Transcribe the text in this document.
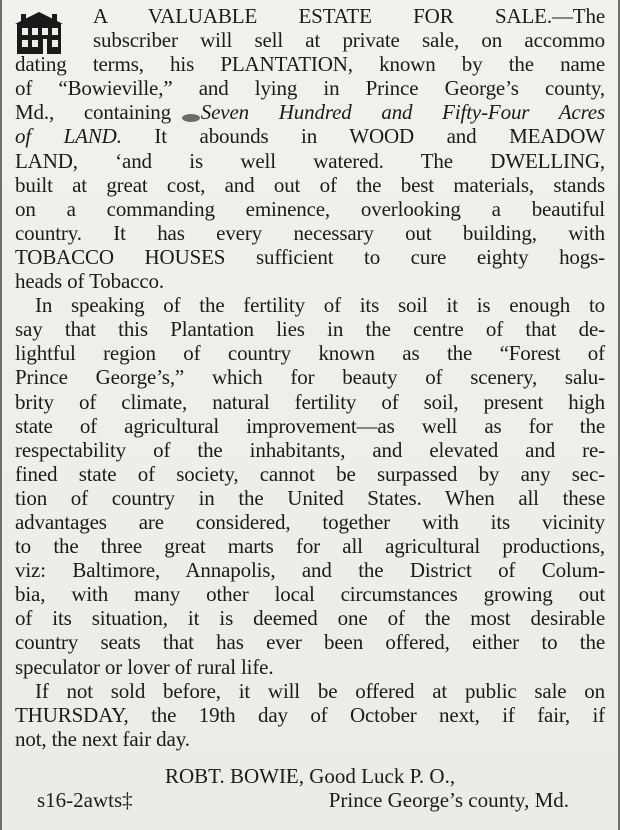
A VALUABLE ESTATE FOR SALE.—The
subscriber will sell at private sale, on accommo
dating terms, his PLANTATION, known by the name
of “Bowieville,” and lying in Prince George’s county,
Md., containing Seven Hundred and Fifty-Four Acres
of LAND. It abounds in WOOD and MEADOW
LAND, ‘and is well watered. The DWELLING,
built at great cost, and out of the best materials, stands
on a commanding eminence, overlooking a beautiful
country. It has every necessary out building, with
TOBACCO HOUSES sufficient to cure eighty hogs-
heads of Tobacco.
In speaking of the fertility of its soil it is enough to
say that this Plantation lies in the centre of that de-
lightful region of country known as the “Forest of
Prince George’s,” which for beauty of scenery, salu-
brity of climate, natural fertility of soil, present high
state of agricultural improvement—as well as for the
respectability of the inhabitants, and elevated and re-
fined state of society, cannot be surpassed by any sec-
tion of country in the United States. When all these
advantages are considered, together with its vicinity
to the three great marts for all agricultural productions,
viz: Baltimore, Annapolis, and the District of Colum-
bia, with many other local circumstances growing out
of its situation, it is deemed one of the most desirable
country seats that has ever been offered, either to the
speculator or lover of rural life.
If not sold before, it will be offered at public sale on
THURSDAY, the 19th day of October next, if fair, if
not, the next fair day.
ROBT. BOWIE, Good Luck P. O.,
s16-2awts‡	Prince George’s county, Md.
